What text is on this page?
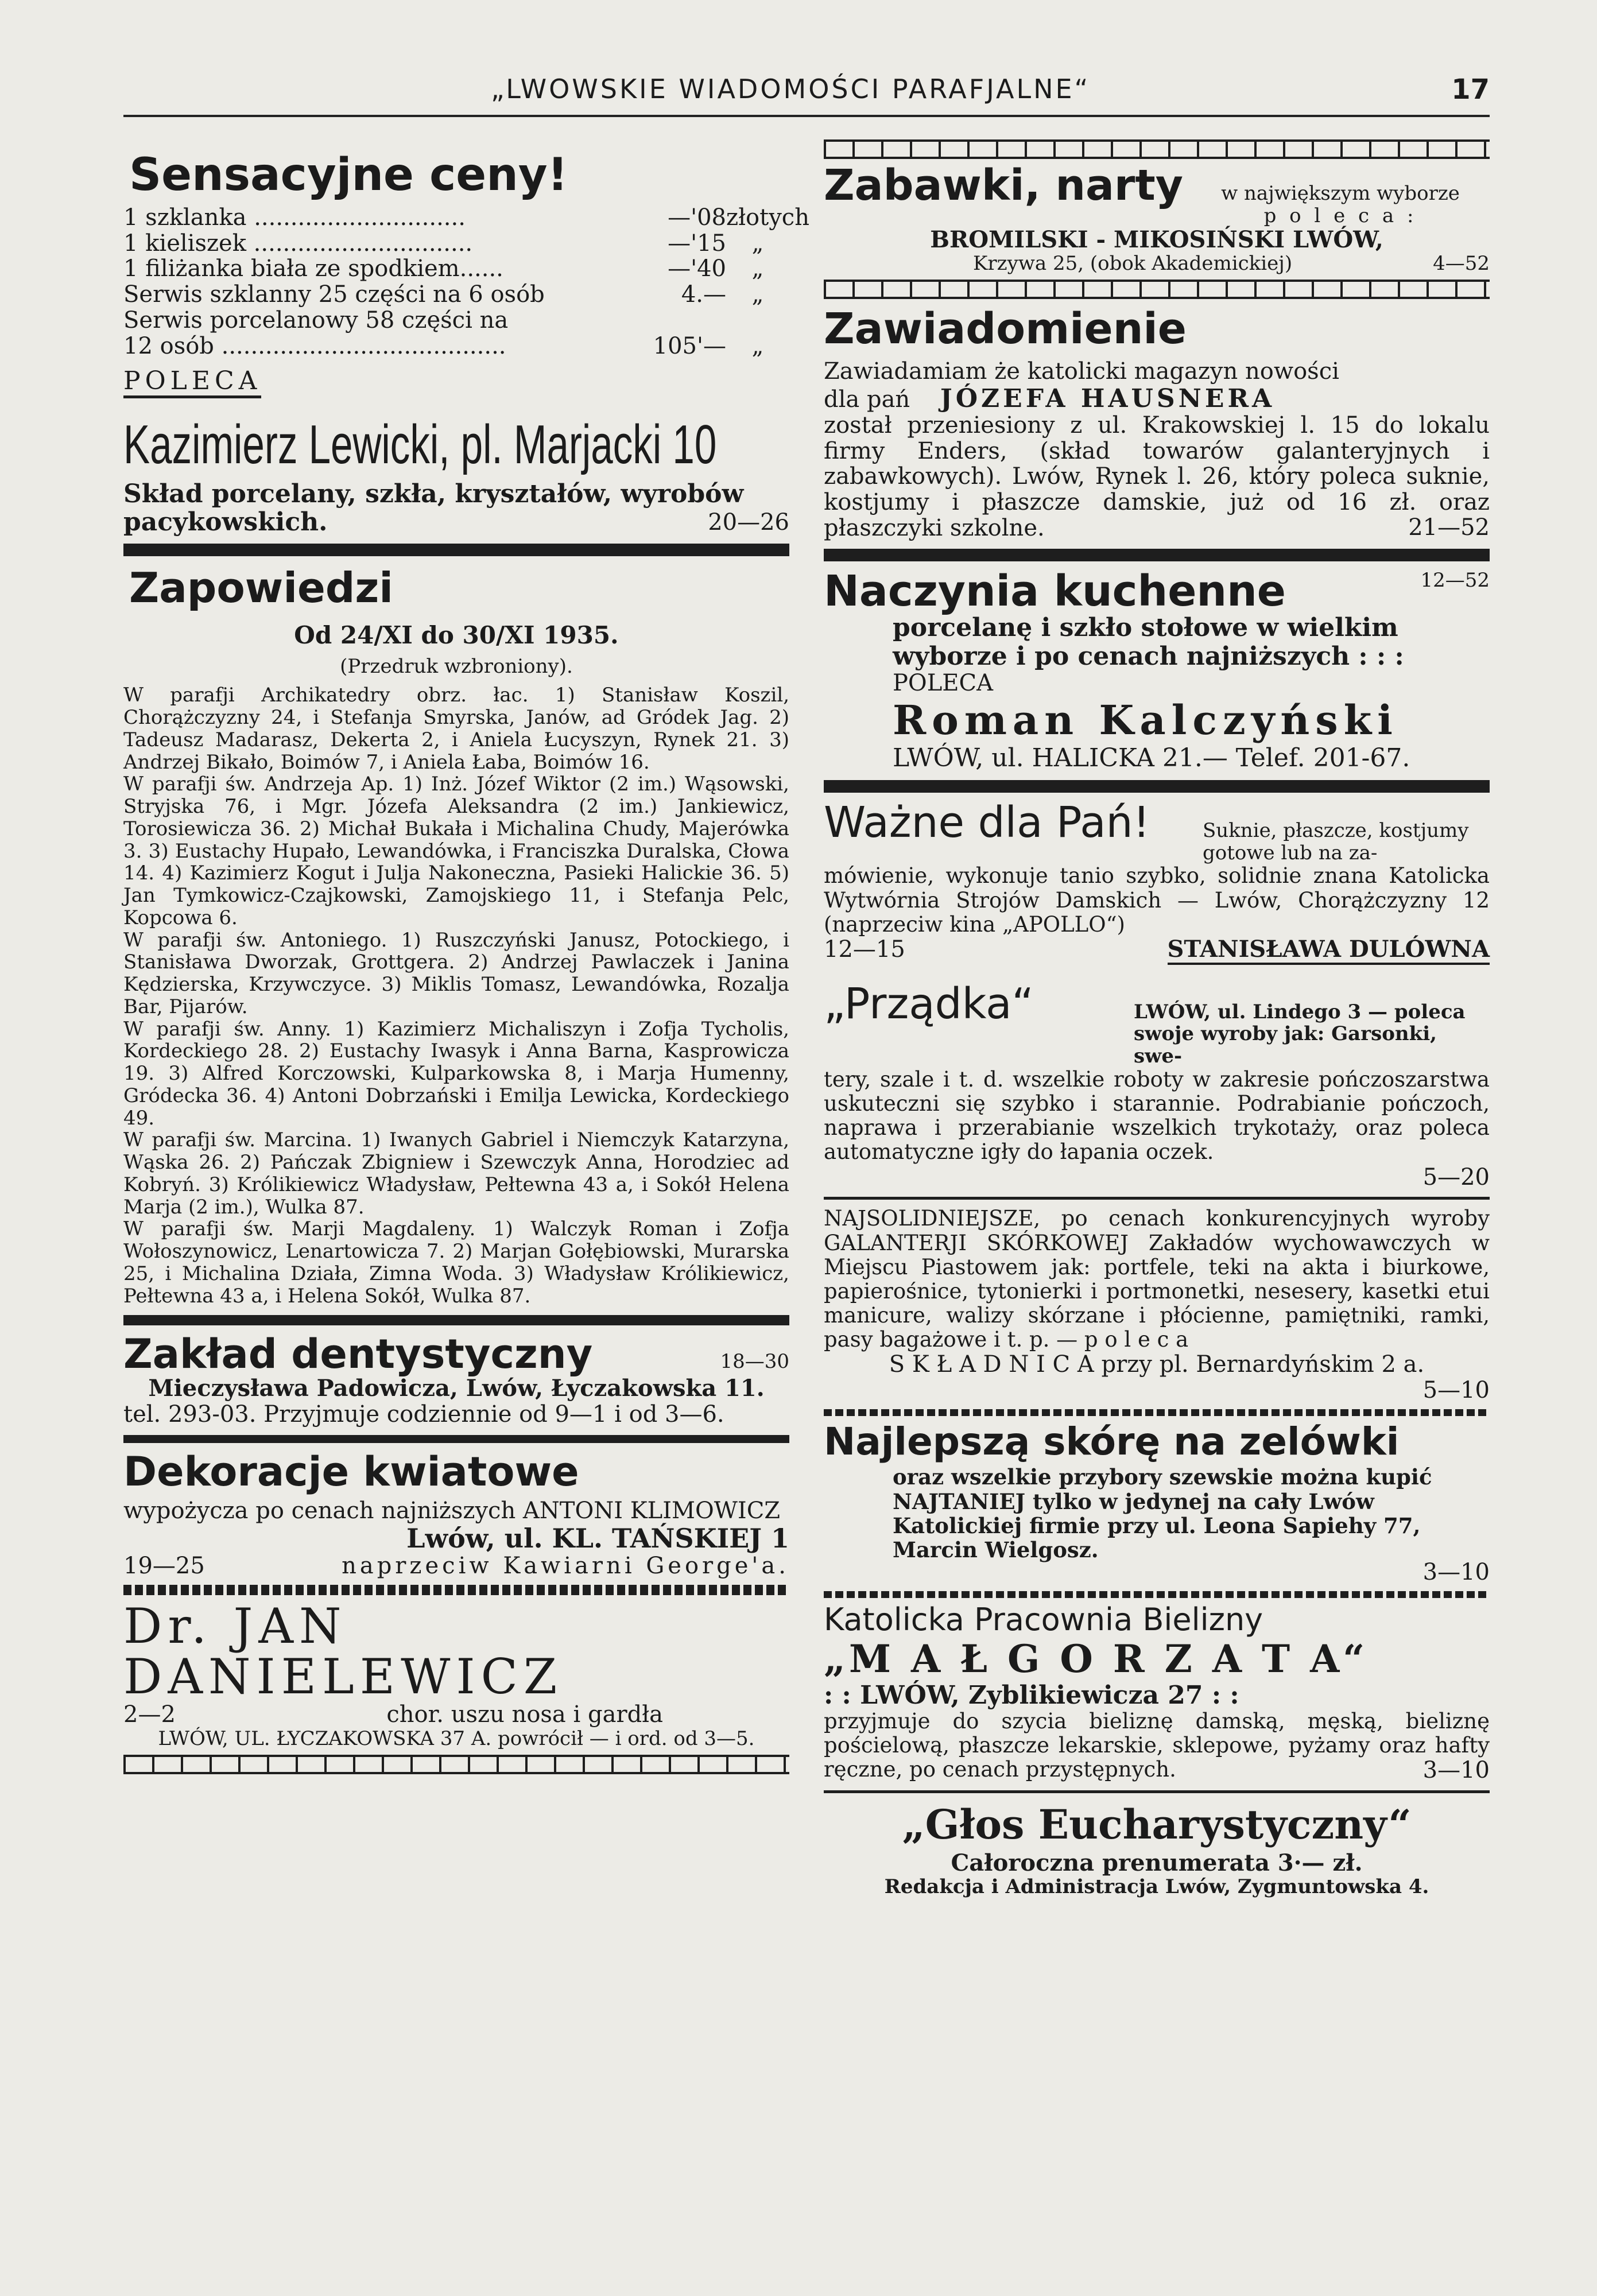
„LWOWSKIE WIADOMOŚCI PARAFJALNE“	17
Sensacyjne ceny!
1 szklanka .............................	—'08 złotych
1 kieliszek ..............................	—'15	„
1 filiżanka biała ze spodkiem......	—'40	„
Serwis szklanny 25 części na 6 osób	4.—	„
Serwis porcelanowy 58 części na
12 osób .......................................	105'—	„

POLECA

Kazimierz Lewicki, pl. Marjacki 10

Skład porcelany, szkła, kryształów, wyrobów pacykowskich.	20—26

Zapowiedzi

Od 24/XI do 30/XI 1935.

(Przedruk wzbroniony).

W parafji Archikatedry obrz. łac. 1) Stanisław Koszil, Chorążczyzny 24, i Stefanja Smyrska, Janów, ad Gródek Jag. 2) Tadeusz Madarasz, Dekerta 2, i Aniela Łucyszyn, Rynek 21. 3) Andrzej Bikało, Boimów 7, i Aniela Łaba, Boimów 16.

W parafji św. Andrzeja Ap. 1) Inż. Józef Wiktor (2 im.) Wąsowski, Stryjska 76, i Mgr. Józefa Aleksandra (2 im.) Jankiewicz, Torosiewicza 36. 2) Michał Bukała i Michalina Chudy, Majerówka 3. 3) Eustachy Hupało, Lewandówka, i Franciszka Duralska, Cłowa 14. 4) Kazimierz Kogut i Julja Nakoneczna, Pasieki Halickie 36. 5) Jan Tymkowicz-Czajkowski, Zamojskiego 11, i Stefanja Pelc, Kopcowa 6.

W parafji św. Antoniego. 1) Ruszczyński Janusz, Potockiego, i Stanisława Dworzak, Grottgera. 2) Andrzej Pawlaczek i Janina Kędzierska, Krzywczyce. 3) Miklis Tomasz, Lewandówka, Rozalja Bar, Pijarów.

W parafji św. Anny. 1) Kazimierz Michaliszyn i Zofja Tycholis, Kordeckiego 28. 2) Eustachy Iwasyk i Anna Barna, Kasprowicza 19. 3) Alfred Korczowski, Kulparkowska 8, i Marja Humenny, Gródecka 36. 4) Antoni Dobrzański i Emilja Lewicka, Kordeckiego 49.

W parafji św. Marcina. 1) Iwanych Gabriel i Niemczyk Katarzyna, Wąska 26. 2) Pańczak Zbigniew i Szewczyk Anna, Horodziec ad Kobryń. 3) Królikiewicz Władysław, Pełtewna 43 a, i Sokół Helena Marja (2 im.), Wulka 87.

W parafji św. Marji Magdaleny. 1) Walczyk Roman i Zofja Wołoszynowicz, Lenartowicza 7. 2) Marjan Gołębiowski, Murarska 25, i Michalina Działa, Zimna Woda. 3) Władysław Królikiewicz, Pełtewna 43 a, i Helena Sokół, Wulka 87.

Zakład dentystyczny	18—30

Mieczysława Padowicza, Lwów, Łyczakowska 11.

tel. 293-03. Przyjmuje codziennie od 9—1 i od 3—6.

Dekoracje kwiatowe

wypożycza po cenach najniższych ANTONI KLIMOWICZ

Lwów, ul. KL. TAŃSKIEJ 1

19—25	naprzeciw Kawiarni George'a.
Dr. JAN DANIELEWICZ
2—2	chor. uszu nosa i gardła

LWÓW, UL. ŁYCZAKOWSKA 37 A. powrócił — i ord. od 3—5.

Zabawki, narty	w największym wyborze

p o l e c a :

BROMILSKI - MIKOSIŃSKI LWÓW,

Krzywa 25, (obok Akademickiej)	4—52
Zawiadomienie

Zawiadamiam że katolicki magazyn nowości

dla pań JÓZEFA HAUSNERA

został przeniesiony z ul. Krakowskiej l. 15 do lokalu firmy Enders, (skład towarów galanteryjnych i zabawkowych). Lwów, Rynek l. 26, który poleca suknie, kostjumy i płaszcze damskie, już od 16 zł. oraz płaszczyki szkolne.	21—52

Naczynia kuchenne	12—52

porcelanę i szkło stołowe w wielkim wyborze i po cenach najniższych : : :

POLECA

Roman Kalczyński

LWÓW, ul. HALICKA 21.— Telef. 201-67.

Ważne dla Pań!	Suknie, płaszcze, kostjumy gotowe lub na za-

mówienie, wykonuje tanio szybko, solidnie znana Katolicka Wytwórnia Strojów Damskich — Lwów, Chorążczyzny 12 (naprzeciw kina „APOLLO“)

12—15	STANISŁAWA DULÓWNA
„Prządka“	LWÓW, ul. Lindego 3 — poleca

swoje wyroby jak: Garsonki, swe-

tery, szale i t. d. wszelkie roboty w zakresie pończoszarstwa uskuteczni się szybko i starannie. Podrabianie pończoch, naprawa i przerabianie wszelkich trykotaży, oraz poleca automatyczne igły do łapania oczek.

5—20

NAJSOLIDNIEJSZE, po cenach konkurencyjnych wyroby GALANTERJI SKÓRKOWEJ Zakładów wychowawczych w Miejscu Piastowem jak: portfele, teki na akta i biurkowe, papierośnice, tytonierki i portmonetki, nesesery, kasetki etui manicure, walizy skórzane i płócienne, pamiętniki, ramki, pasy bagażowe i t. p. — p o l e c a

S K Ł A D N I C A przy pl. Bernardyńskim 2 a.

5—10

Najlepszą skórę na zelówki

oraz wszelkie przybory szewskie można kupić NAJTANIEJ tylko w jedynej na cały Lwów Katolickiej firmie przy ul. Leona Sapiehy 77, Marcin Wielgosz.

3—10

Katolicka Pracownia Bielizny

„M A Ł G O R Z A T A“

: : LWÓW, Zyblikiewicza 27 : :

przyjmuje do szycia bieliznę damską, męską, bieliznę pościelową, płaszcze lekarskie, sklepowe, pyżamy oraz hafty ręczne, po cenach przystępnych.	3—10

„Głos Eucharystyczny“

Całoroczna prenumerata 3·— zł.

Redakcja i Administracja Lwów, Zygmuntowska 4.
